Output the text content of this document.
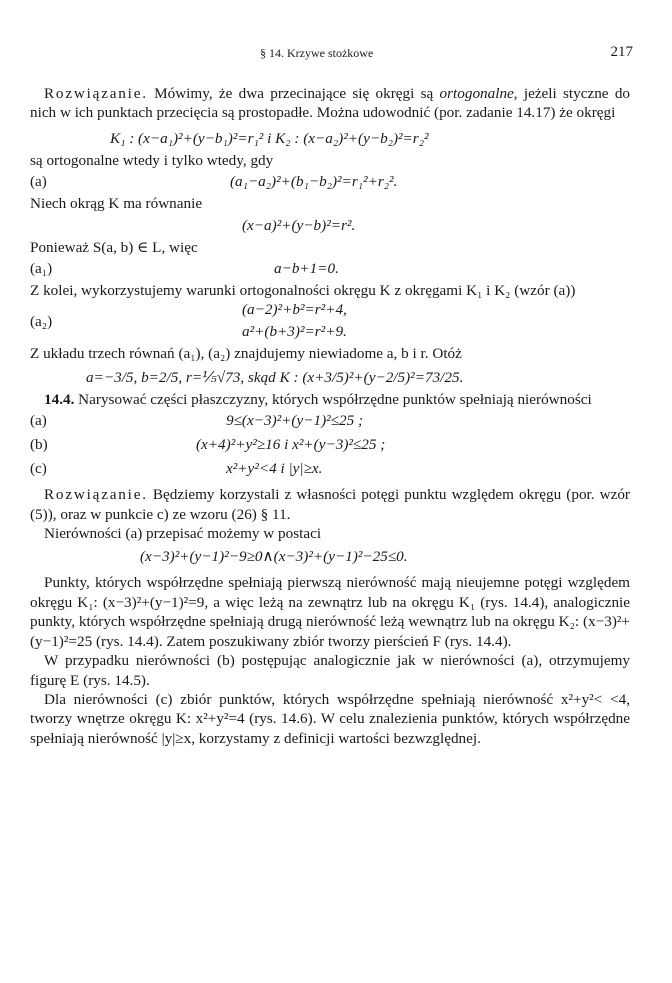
§ 14. Krzywe stożkowe	217

Rozwiązanie. Mówimy, że dwa przecinające się okręgi są ortogonalne, jeżeli styczne do nich w ich punktach przecięcia są prostopadłe. Można udowodnić (por. zadanie 14.17) że okręgi

K₁ : (x−a₁)²+(y−b₁)²=r₁² i K₂ : (x−a₂)²+(y−b₂)²=r₂²

są ortogonalne wtedy i tylko wtedy, gdy

(a)	(a₁−a₂)²+(b₁−b₂)²=r₁²+r₂².

Niech okrąg K ma równanie

(x−a)²+(y−b)²=r².

Ponieważ S(a, b) ∈ L, więc

(a₁)	a−b+1=0.

Z kolei, wykorzystujemy warunki ortogonalności okręgu K z okręgami K₁ i K₂ (wzór (a))

(a₂)
(a−2)²+b²=r²+4,
a²+(b+3)²=r²+9.

Z układu trzech równań (a₁), (a₂) znajdujemy niewiadome a, b i r. Otóż

a=−3/5, b=2/5, r=⅕√73, skąd K : (x+3/5)²+(y−2/5)²=73/25.

14.4. Narysować części płaszczyzny, których współrzędne punktów spełniają nierówności

(a)	9≤(x−3)²+(y−1)²≤25 ;
(b)	(x+4)²+y²≥16 i x²+(y−3)²≤25 ;
(c)	x²+y²<4 i |y|≥x.

Rozwiązanie. Będziemy korzystali z własności potęgi punktu względem okręgu (por. wzór (5)), oraz w punkcie c) ze wzoru (26) § 11.

Nierówności (a) przepisać możemy w postaci

(x−3)²+(y−1)²−9≥0∧(x−3)²+(y−1)²−25≤0.

Punkty, których współrzędne spełniają pierwszą nierówność mają nieujemne potęgi względem okręgu K₁: (x−3)²+(y−1)²=9, a więc leżą na zewnątrz lub na okręgu K₁ (rys. 14.4), analogicznie punkty, których współrzędne spełniają drugą nierówność leżą wewnątrz lub na okręgu K₂: (x−3)²+(y−1)²=25 (rys. 14.4). Zatem poszukiwany zbiór tworzy pierścień F (rys. 14.4).

W przypadku nierówności (b) postępując analogicznie jak w nierówności (a), otrzymujemy figurę E (rys. 14.5).

Dla nierówności (c) zbiór punktów, których współrzędne spełniają nierówność x²+y²< <4, tworzy wnętrze okręgu K: x²+y²=4 (rys. 14.6). W celu znalezienia punktów, których współrzędne spełniają nierówność |y|≥x, korzystamy z definicji wartości bezwzględnej.
